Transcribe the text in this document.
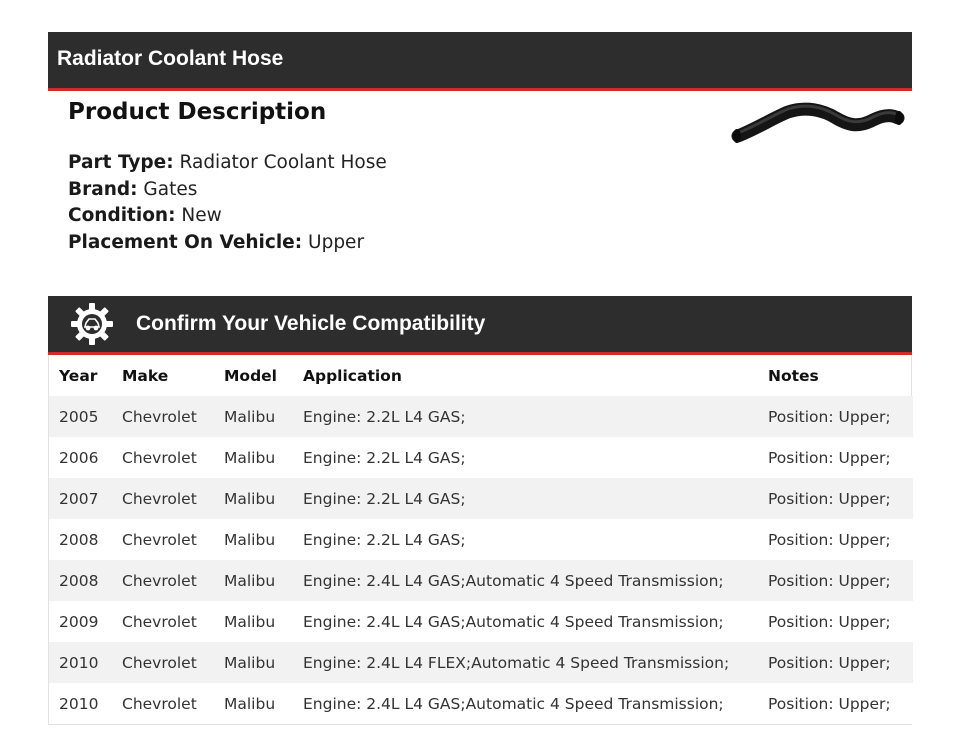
Radiator Coolant Hose
Product Description
Part Type: Radiator Coolant Hose
Brand: Gates
Condition: New
Placement On Vehicle: Upper
Confirm Your Vehicle Compatibility
Year	Make	Model	Application	Notes
2005	Chevrolet	Malibu	Engine: 2.2L L4 GAS;	Position: Upper;
2006	Chevrolet	Malibu	Engine: 2.2L L4 GAS;	Position: Upper;
2007	Chevrolet	Malibu	Engine: 2.2L L4 GAS;	Position: Upper;
2008	Chevrolet	Malibu	Engine: 2.2L L4 GAS;	Position: Upper;
2008	Chevrolet	Malibu	Engine: 2.4L L4 GAS;Automatic 4 Speed Transmission;	Position: Upper;
2009	Chevrolet	Malibu	Engine: 2.4L L4 GAS;Automatic 4 Speed Transmission;	Position: Upper;
2010	Chevrolet	Malibu	Engine: 2.4L L4 FLEX;Automatic 4 Speed Transmission;	Position: Upper;
2010	Chevrolet	Malibu	Engine: 2.4L L4 GAS;Automatic 4 Speed Transmission;	Position: Upper;
